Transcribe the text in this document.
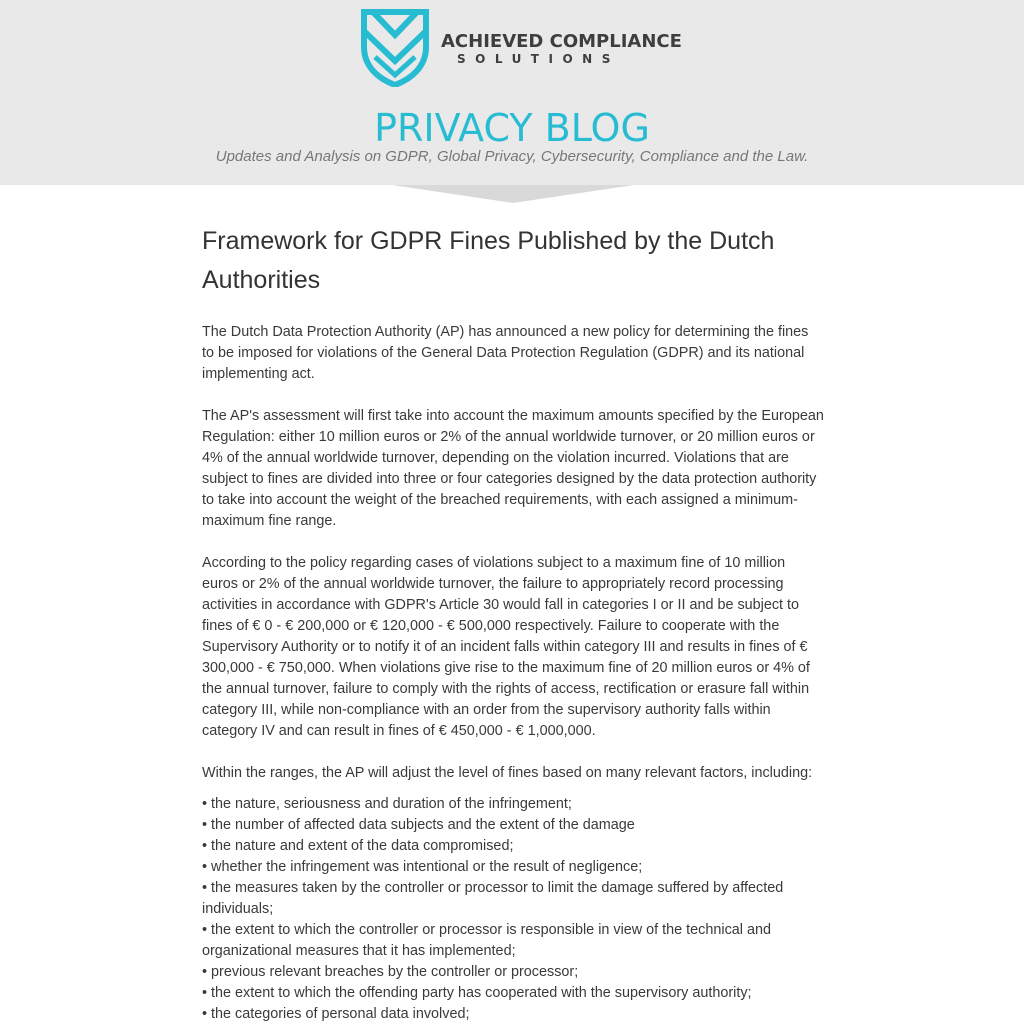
ACHIEVED COMPLIANCE
SOLUTIONS
PRIVACY BLOG
Updates and Analysis on GDPR, Global Privacy, Cybersecurity, Compliance and the Law.
Framework for GDPR Fines Published by the Dutch Authorities

The Dutch Data Protection Authority (AP) has announced a new policy for determining the fines to be imposed for violations of the General Data Protection Regulation (GDPR) and its national implementing act.

The AP's assessment will first take into account the maximum amounts specified by the European Regulation: either 10 million euros or 2% of the annual worldwide turnover, or 20 million euros or 4% of the annual worldwide turnover, depending on the violation incurred. Violations that are subject to fines are divided into three or four categories designed by the data protection authority to take into account the weight of the breached requirements, with each assigned a minimum-maximum fine range.

According to the policy regarding cases of violations subject to a maximum fine of 10 million euros or 2% of the annual worldwide turnover, the failure to appropriately record processing activities in accordance with GDPR's Article 30 would fall in categories I or II and be subject to fines of € 0 - € 200,000 or € 120,000 - € 500,000 respectively. Failure to cooperate with the Supervisory Authority or to notify it of an incident falls within category III and results in fines of € 300,000 - € 750,000. When violations give rise to the maximum fine of 20 million euros or 4% of the annual turnover, failure to comply with the rights of access, rectification or erasure fall within category III, while non-compliance with an order from the supervisory authority falls within category IV and can result in fines of € 450,000 - € 1,000,000.

Within the ranges, the AP will adjust the level of fines based on many relevant factors, including:

• the nature, seriousness and duration of the infringement;
• the number of affected data subjects and the extent of the damage
• the nature and extent of the data compromised;
• whether the infringement was intentional or the result of negligence;
• the measures taken by the controller or processor to limit the damage suffered by affected individuals;
• the extent to which the controller or processor is responsible in view of the technical and organizational measures that it has implemented;
• previous relevant breaches by the controller or processor;
• the extent to which the offending party has cooperated with the supervisory authority;
• the categories of personal data involved;
